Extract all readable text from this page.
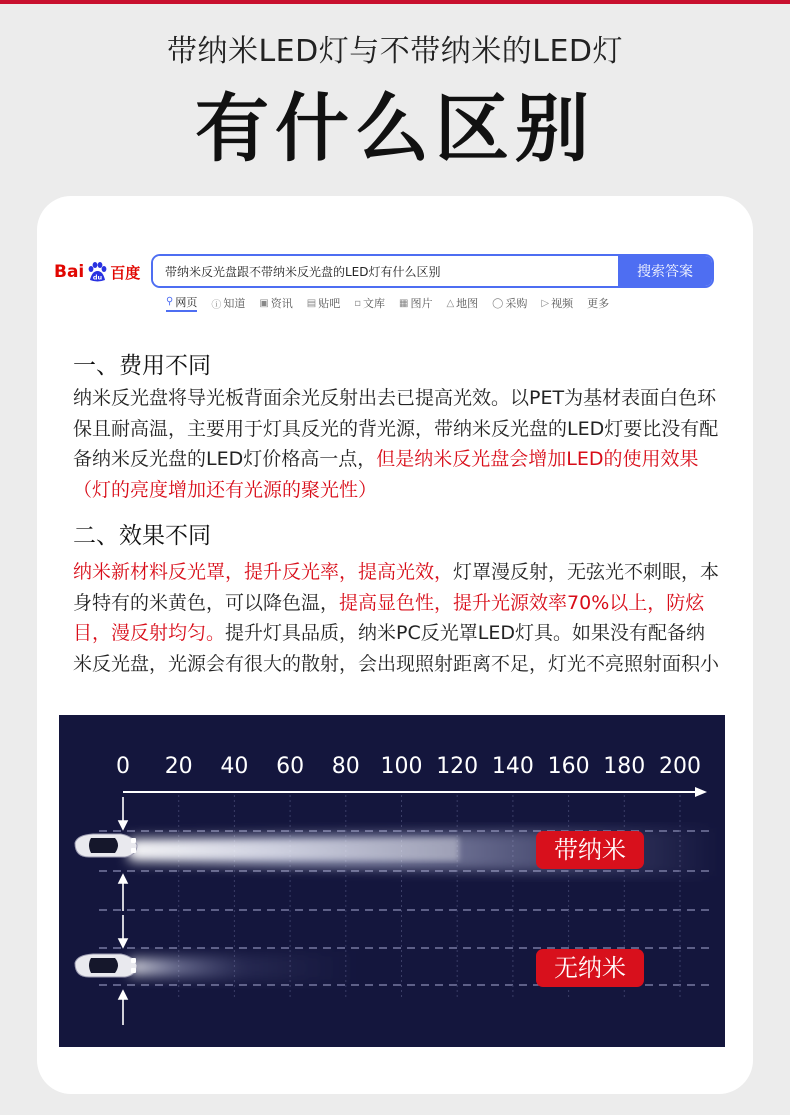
带纳米LED灯与不带纳米的LED灯
有什么区别
Bai du 百度
带纳米反光盘跟不带纳米反光盘的LED灯有什么区别	搜索答案
⚲ 网页 ⓘ 知道 ▣ 资讯 ▤ 贴吧 ▫ 文库 ▦ 图片 △ 地图 ◯ 采购 ▷ 视频 更多
一、费用不同
纳米反光盘将导光板背面余光反射出去已提高光效。以PET为基材表面白色环保且耐高温，主要用于灯具反光的背光源，带纳米反光盘的LED灯要比没有配备纳米反光盘的LED灯价格高一点，但是纳米反光盘会增加LED的使用效果（灯的亮度增加还有光源的聚光性）
二、效果不同
纳米新材料反光罩，提升反光率，提高光效，灯罩漫反射，无弦光不刺眼，本身特有的米黄色，可以降色温，提高显色性，提升光源效率70%以上，防炫目，漫反射均匀。提升灯具品质，纳米PC反光罩LED灯具。如果没有配备纳米反光盘，光源会有很大的散射，会出现照射距离不足，灯光不亮照射面积小
0 20 40 60 80 100 120 140 160 180 200
带纳米
无纳米
